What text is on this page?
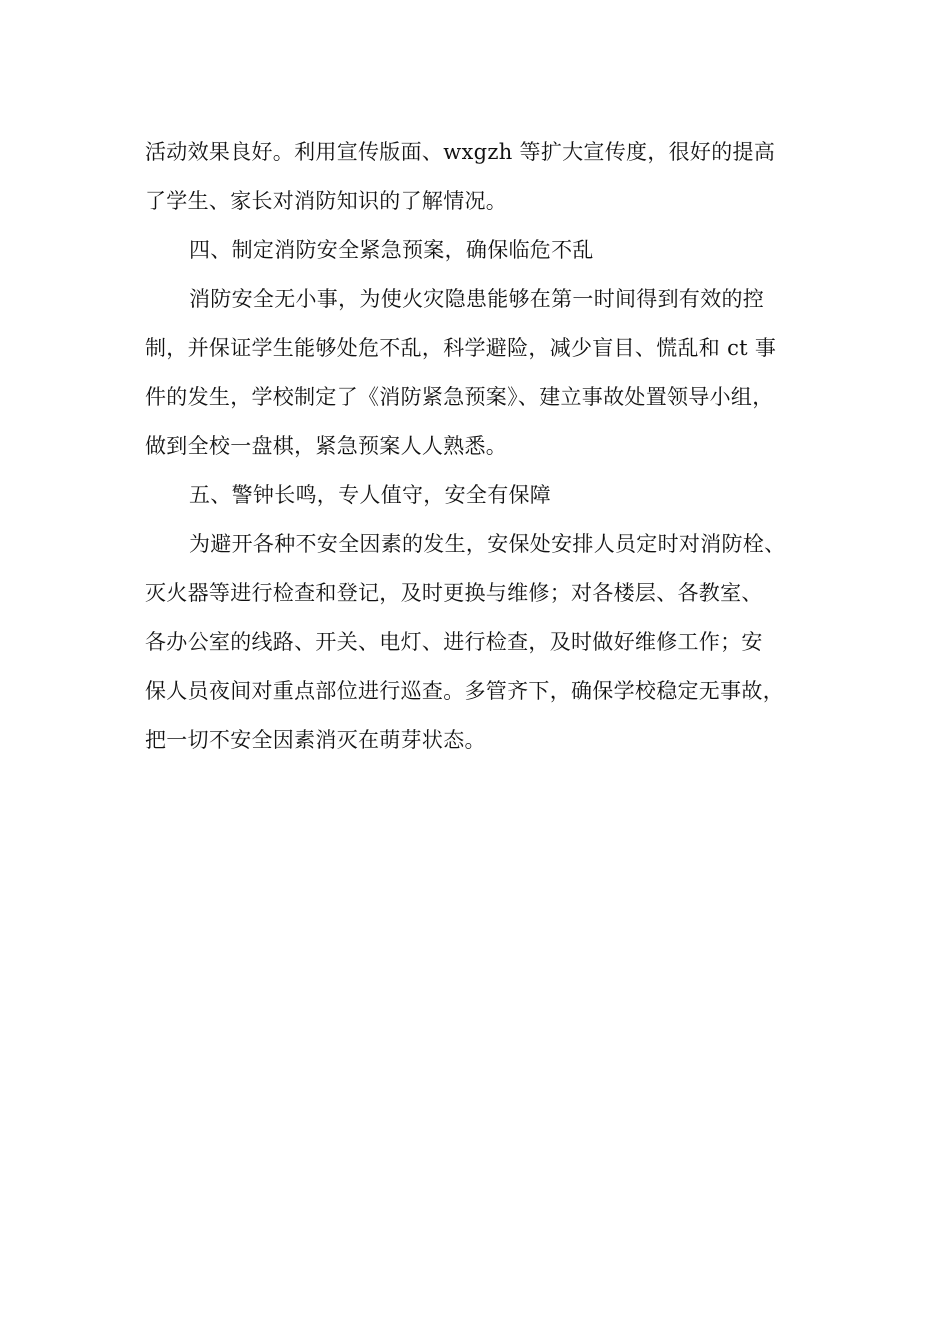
活动效果良好。利用宣传版面、wxgzh 等扩大宣传度，很好的提高
了学生、家长对消防知识的了解情况。
四、制定消防安全紧急预案，确保临危不乱
消防安全无小事，为使火灾隐患能够在第一时间得到有效的控
制，并保证学生能够处危不乱，科学避险，减少盲目、慌乱和 ct 事
件的发生，学校制定了《消防紧急预案》、建立事故处置领导小组，
做到全校一盘棋，紧急预案人人熟悉。
五、警钟长鸣，专人值守，安全有保障
为避开各种不安全因素的发生，安保处安排人员定时对消防栓、
灭火器等进行检查和登记，及时更换与维修；对各楼层、各教室、
各办公室的线路、开关、电灯、进行检查，及时做好维修工作；安
保人员夜间对重点部位进行巡查。多管齐下，确保学校稳定无事故，
把一切不安全因素消灭在萌芽状态。
